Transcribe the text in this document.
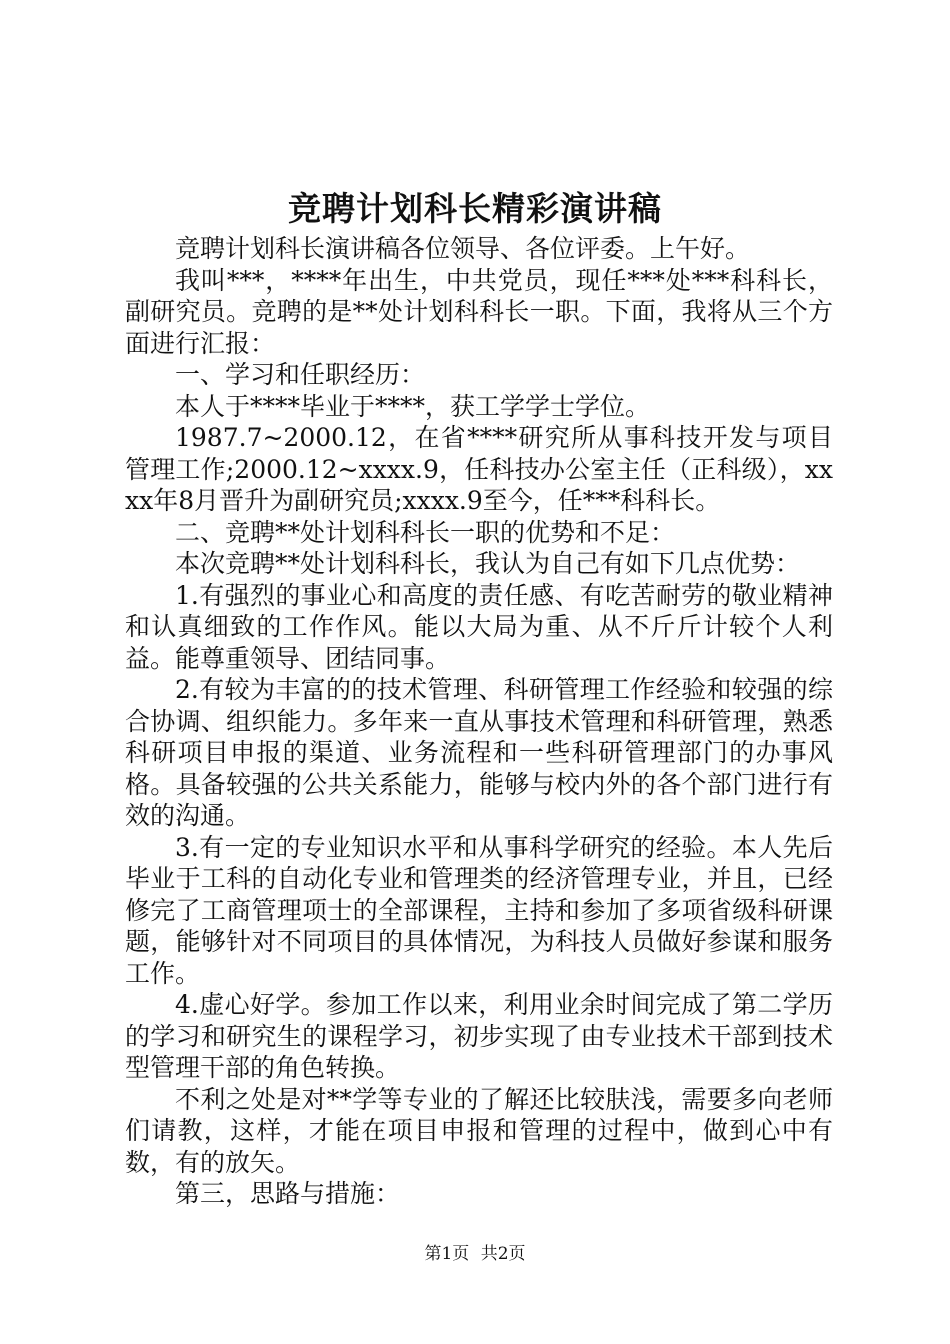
竞聘计划科长精彩演讲稿

竞聘计划科长演讲稿各位领导、各位评委。上午好。

我叫***，****年出生，中共党员，现任***处***科科长，副研究员。竞聘的是**处计划科科长一职。下面，我将从三个方面进行汇报：

一、学习和任职经历：

本人于****毕业于****，获工学学士学位。

1987.7~2000.12，在省****研究所从事科技开发与项目管理工作;2000.12~xxxx.9，任科技办公室主任（正科级），xxxx年8月晋升为副研究员;xxxx.9至今，任***科科长。

二、竞聘**处计划科科长一职的优势和不足：

本次竞聘**处计划科科长，我认为自己有如下几点优势：

1.有强烈的事业心和高度的责任感、有吃苦耐劳的敬业精神和认真细致的工作作风。能以大局为重、从不斤斤计较个人利益。能尊重领导、团结同事。

2.有较为丰富的的技术管理、科研管理工作经验和较强的综合协调、组织能力。多年来一直从事技术管理和科研管理，熟悉科研项目申报的渠道、业务流程和一些科研管理部门的办事风格。具备较强的公共关系能力，能够与校内外的各个部门进行有效的沟通。

3.有一定的专业知识水平和从事科学研究的经验。本人先后毕业于工科的自动化专业和管理类的经济管理专业，并且，已经修完了工商管理项士的全部课程，主持和参加了多项省级科研课题，能够针对不同项目的具体情况，为科技人员做好参谋和服务工作。

4.虚心好学。参加工作以来，利用业余时间完成了第二学历的学习和研究生的课程学习，初步实现了由专业技术干部到技术型管理干部的角色转换。

不利之处是对**学等专业的了解还比较肤浅，需要多向老师们请教，这样，才能在项目申报和管理的过程中，做到心中有数，有的放矢。

第三，思路与措施：

第1页 共2页
